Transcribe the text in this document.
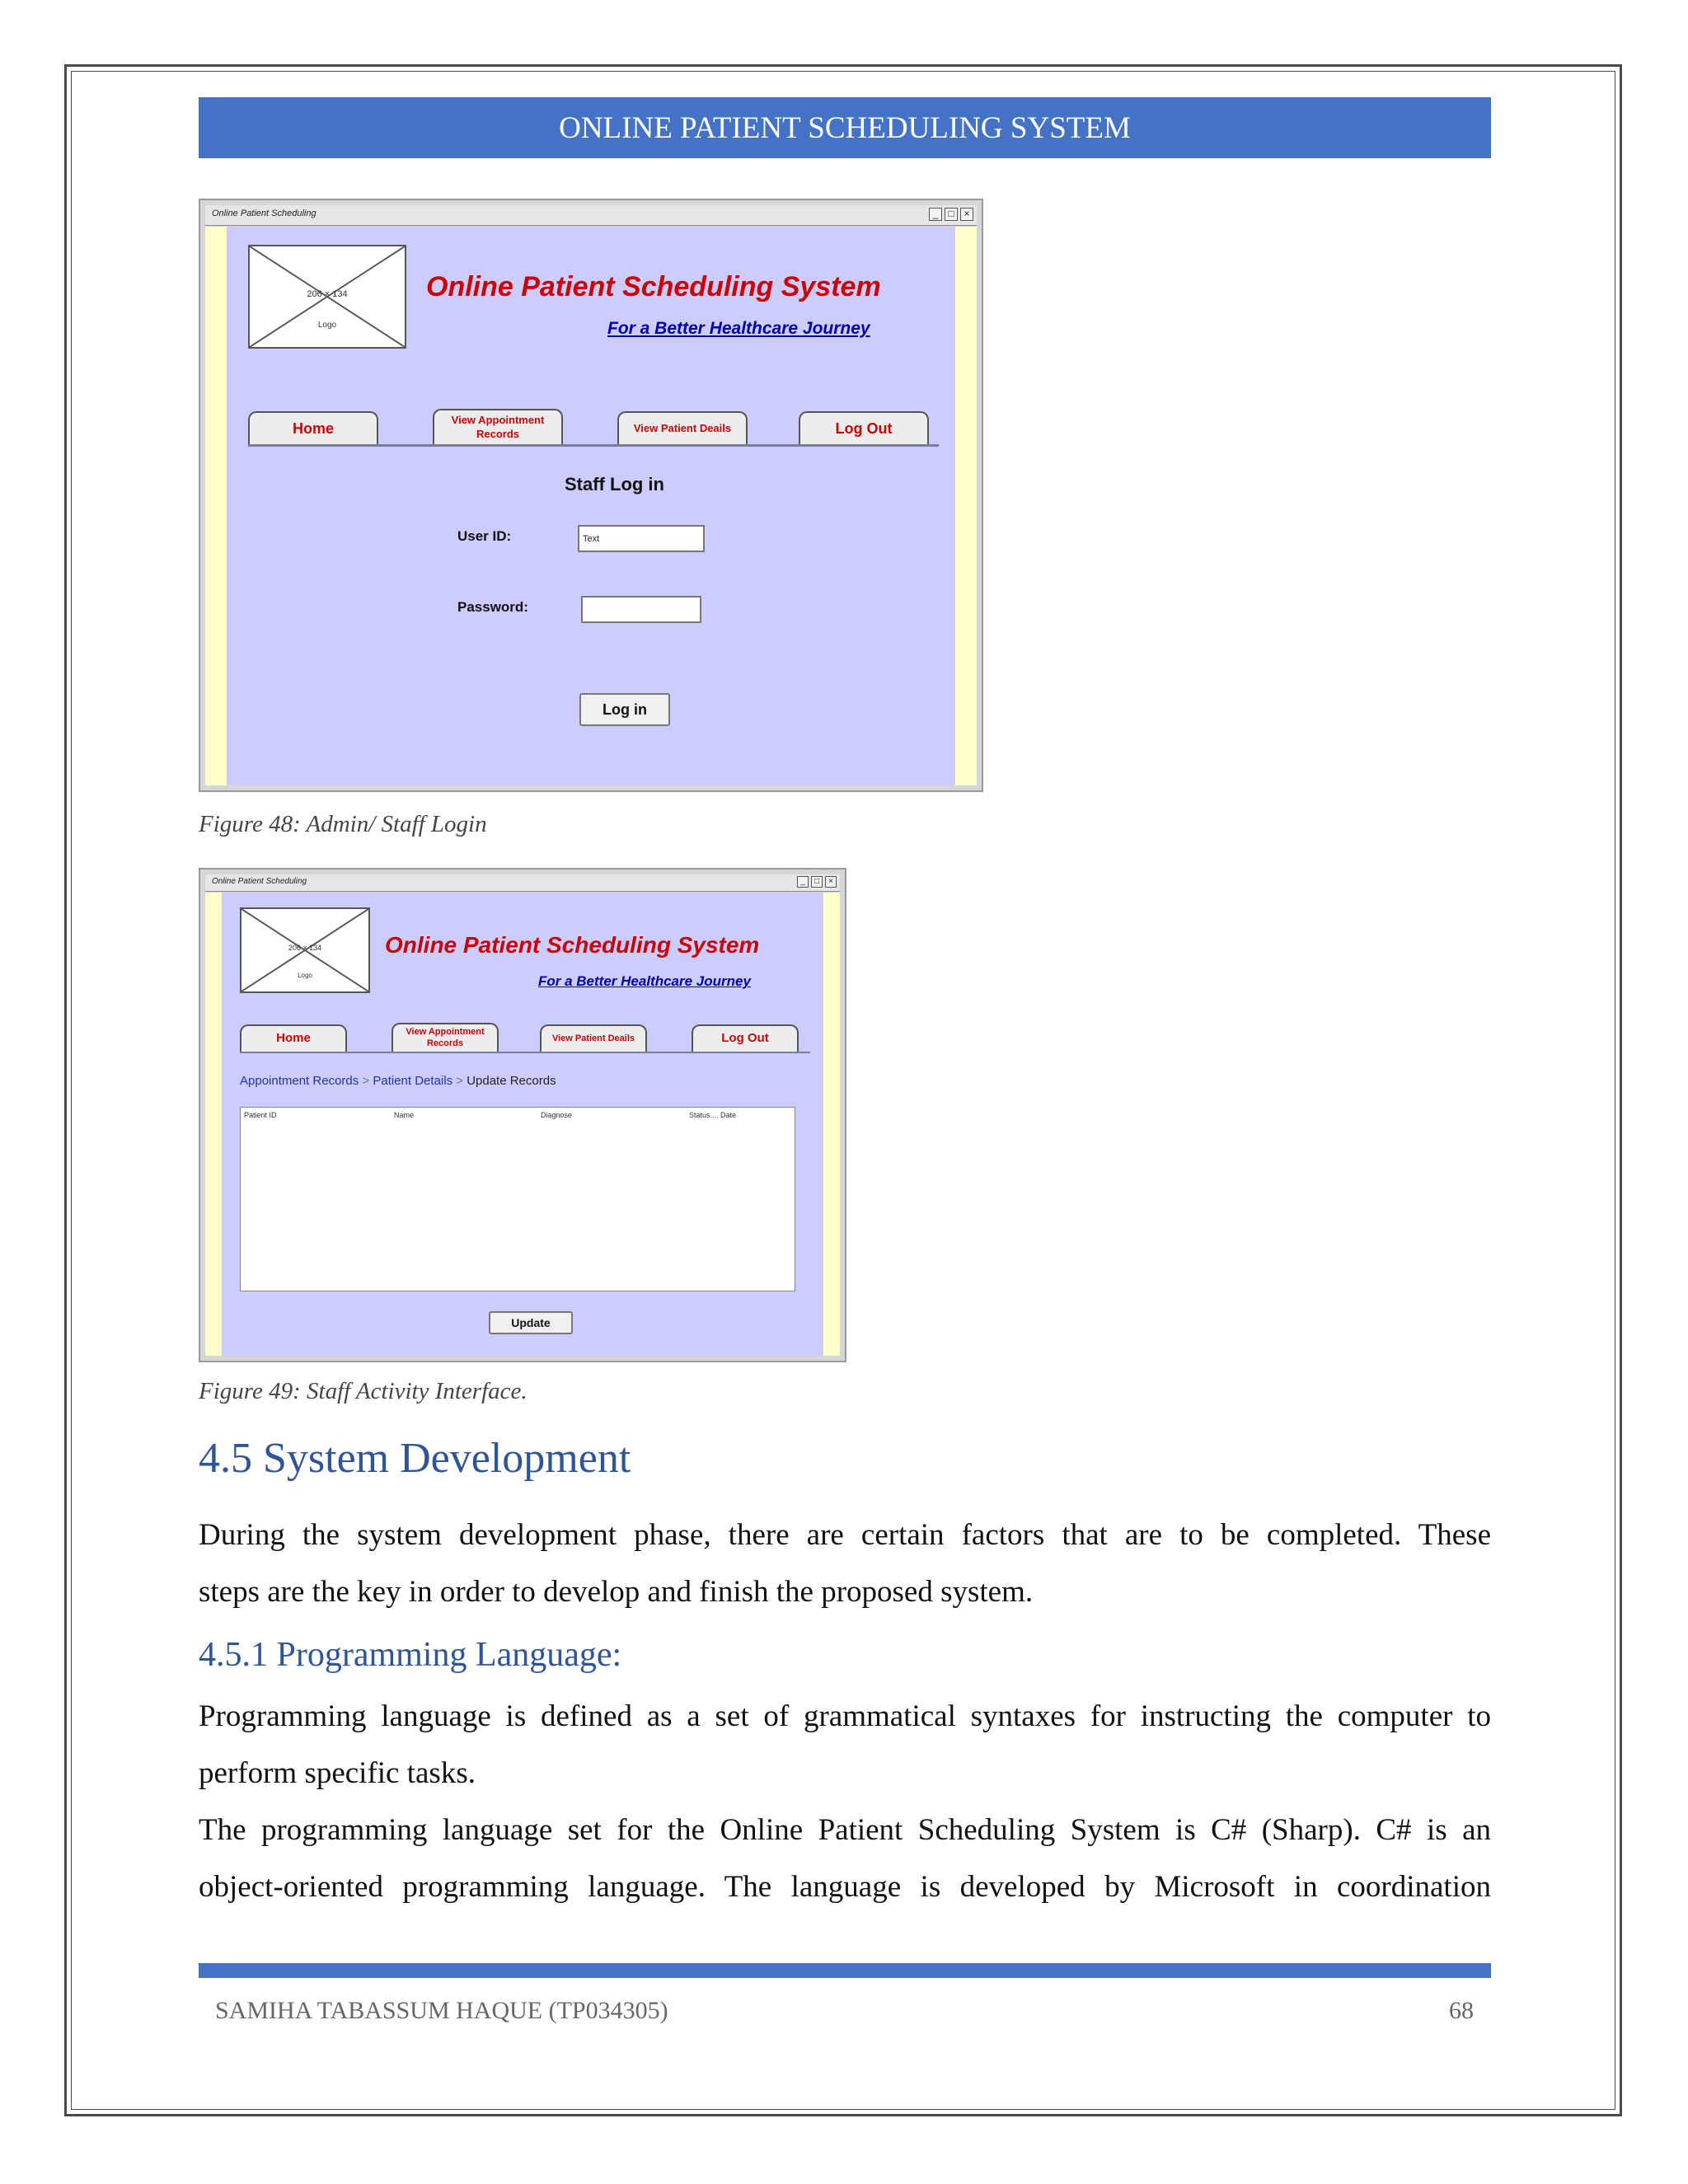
ONLINE PATIENT SCHEDULING SYSTEM
Online Patient Scheduling	_	□ ×
206 × 134
Logo
Online Patient Scheduling System
For a Better Healthcare Journey
Home	View Appointment Records	View Patient Deails	Log Out
Staff Log in
User ID:	Text
Password:
Log in
Figure 48: Admin/ Staff Login
Online Patient Scheduling	_	□	×
206 × 134
Logo
Online Patient Scheduling System
For a Better Healthcare Journey
Home	View Appointment Records	View Patient Deails	Log Out
Appointment Records > Patient Details > Update Records
Patient ID	Name	Diagnose	Status.... Date
Update
Figure 49: Staff Activity Interface.
4.5 System Development
During the system development phase, there are certain factors that are to be completed. These
steps are the key in order to develop and finish the proposed system.
4.5.1 Programming Language:
Programming language is defined as a set of grammatical syntaxes for instructing the computer to
perform specific tasks.
The programming language set for the Online Patient Scheduling System is C# (Sharp). C# is an
object-oriented programming language. The language is developed by Microsoft in coordination
SAMIHA TABASSUM HAQUE (TP034305)	68
